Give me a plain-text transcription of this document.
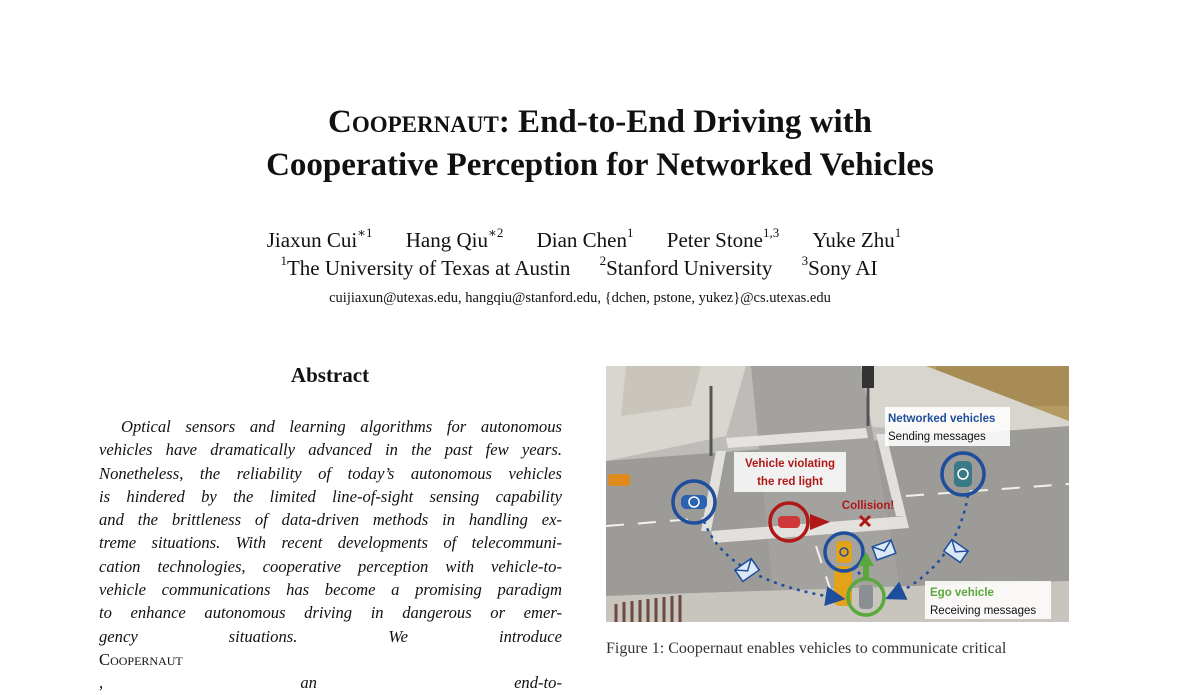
Coopernaut: End-to-End Driving with
Cooperative Perception for Networked Vehicles
Jiaxun Cui$^{∗1}$ Hang Qiu$^{∗2}$ Dian Chen$^1$ Peter Stone$^{1,3}$ Yuke Zhu$^1$
$^1$The University of Texas at Austin $^2$Stanford University $^3$Sony AI
cuijiaxun@utexas.edu, hangqiu@stanford.edu, {dchen, pstone, yukez}@cs.utexas.edu
Abstract
Optical sensors and learning algorithms for autonomous
vehicles have dramatically advanced in the past few years.
Nonetheless, the reliability of today’s autonomous vehicles
is hindered by the limited line-of-sight sensing capability
and the brittleness of data-driven methods in handling ex-
treme situations. With recent developments of telecommuni-
cation technologies, cooperative perception with vehicle-to-
vehicle communications has become a promising paradigm
to enhance autonomous driving in dangerous or emer-
gency situations. We introduce
Coopernaut
, an end-to-
Networked vehicles
Sending messages
Vehicle violating
the red light
Collision!
Ego vehicle
Receiving messages
Figure 1: Coopernaut enables vehicles to communicate critical
